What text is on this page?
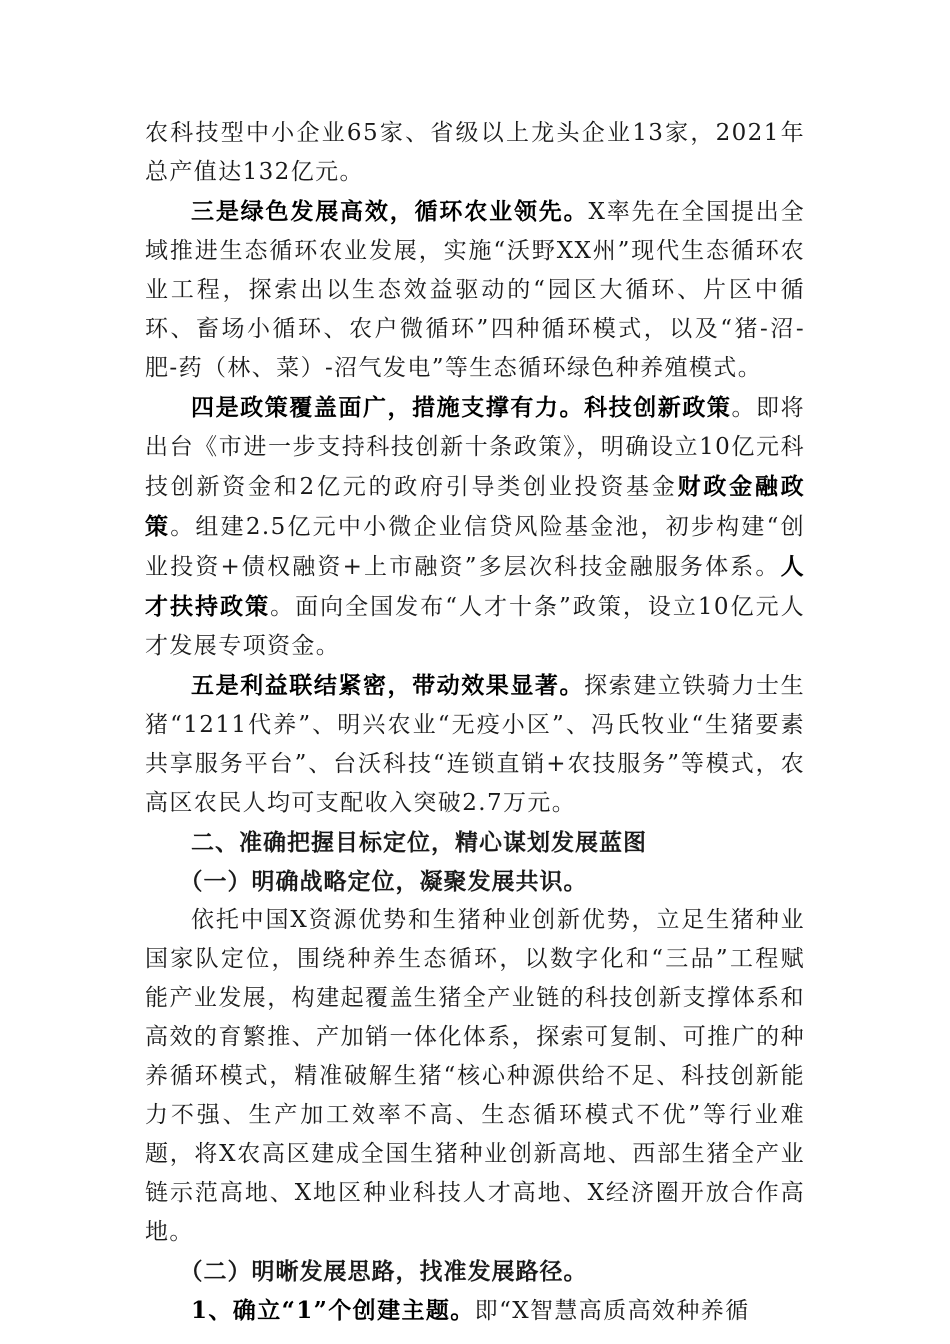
农科技型中小企业65家、省级以上龙头企业13家，2021年总产值达132亿元。

三是绿色发展高效，循环农业领先。X率先在全国提出全域推进生态循环农业发展，实施“沃野XX州”现代生态循环农业工程，探索出以生态效益驱动的“园区大循环、片区中循环、畜场小循环、农户微循环”四种循环模式，以及“猪-沼-肥-药（林、菜）-沼气发电”等生态循环绿色种养殖模式。

四是政策覆盖面广，措施支撑有力。科技创新政策。即将出台《市进一步支持科技创新十条政策》，明确设立10亿元科技创新资金和2亿元的政府引导类创业投资基金财政金融政策。组建2.5亿元中小微企业信贷风险基金池，初步构建“创业投资+债权融资+上市融资”多层次科技金融服务体系。人才扶持政策。面向全国发布“人才十条”政策，设立10亿元人才发展专项资金。

五是利益联结紧密，带动效果显著。探索建立铁骑力士生猪“1211代养”、明兴农业“无疫小区”、冯氏牧业“生猪要素共享服务平台”、台沃科技“连锁直销+农技服务”等模式，农高区农民人均可支配收入突破2.7万元。

二、准确把握目标定位，精心谋划发展蓝图

（一）明确战略定位，凝聚发展共识。

依托中国X资源优势和生猪种业创新优势，立足生猪种业国家队定位，围绕种养生态循环，以数字化和“三品”工程赋能产业发展，构建起覆盖生猪全产业链的科技创新支撑体系和高效的育繁推、产加销一体化体系，探索可复制、可推广的种养循环模式，精准破解生猪“核心种源供给不足、科技创新能力不强、生产加工效率不高、生态循环模式不优”等行业难题，将X农高区建成全国生猪种业创新高地、西部生猪全产业链示范高地、X地区种业科技人才高地、X经济圈开放合作高地。

（二）明晰发展思路，找准发展路径。

1、确立“1”个创建主题。即“X智慧高质高效种养循
